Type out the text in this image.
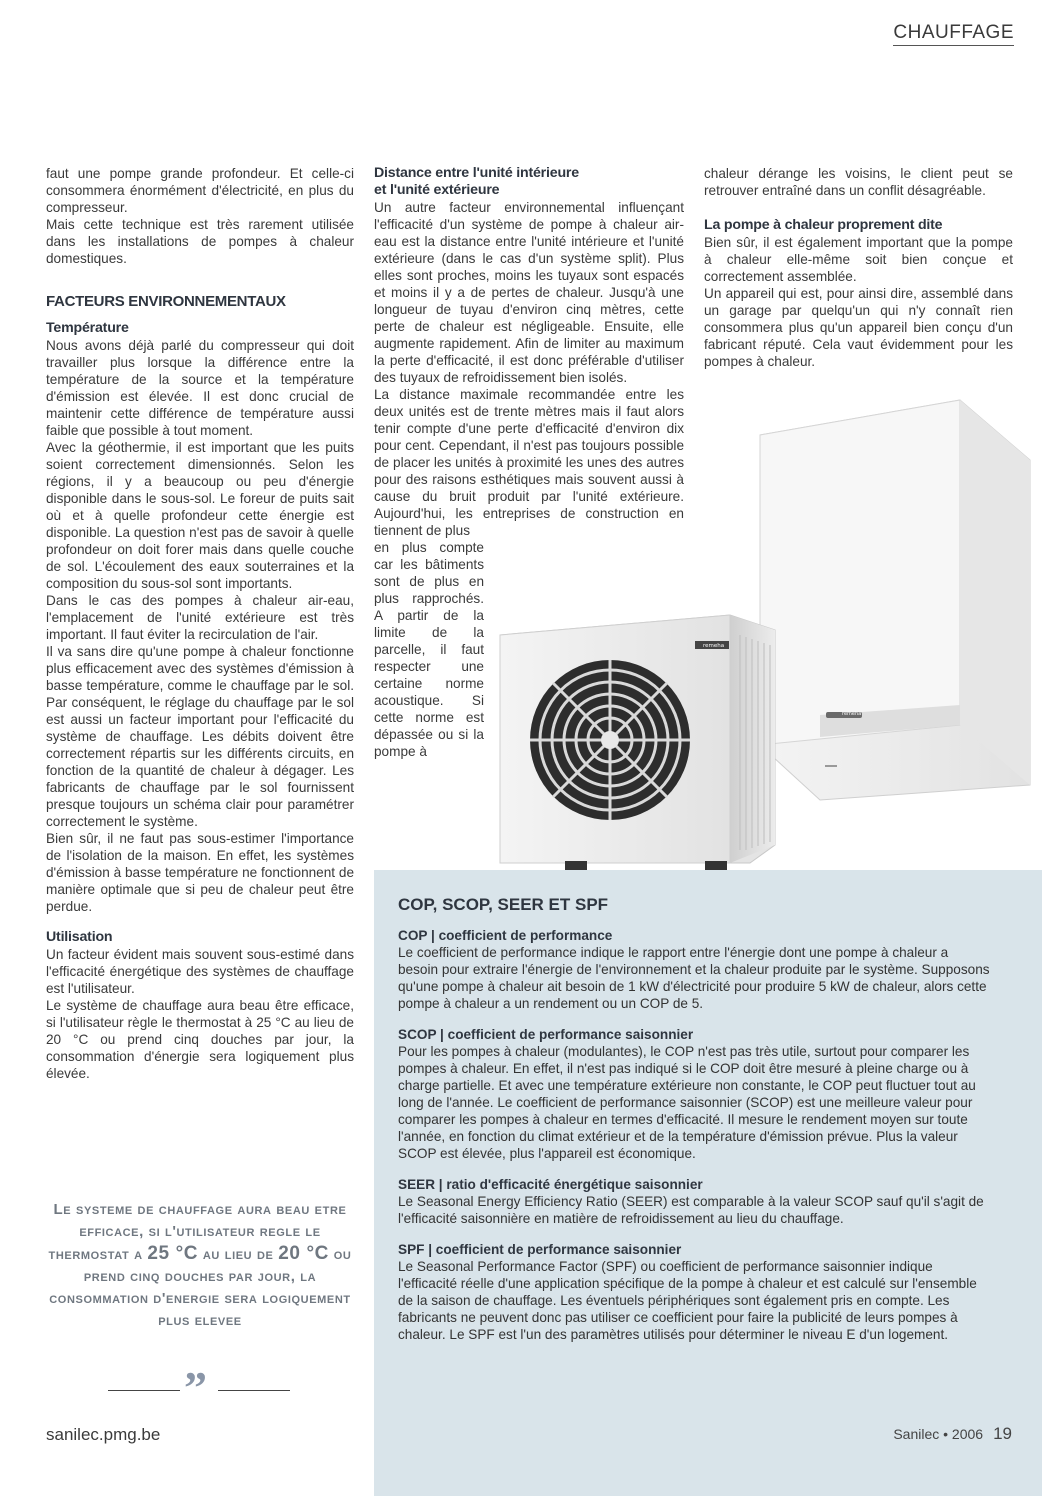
CHAUFFAGE

faut une pompe grande profondeur. Et celle-ci consommera énormément d'électricité, en plus du compresseur.

Mais cette technique est très rarement utilisée dans les installations de pompes à chaleur domestiques.

FACTEURS ENVIRONNEMENTAUX

Température

Nous avons déjà parlé du compresseur qui doit travailler plus lorsque la différence entre la température de la source et la température d'émission est élevée. Il est donc crucial de maintenir cette différence de température aussi faible que possible à tout moment.

Avec la géothermie, il est important que les puits soient correctement dimensionnés. Selon les régions, il y a beaucoup ou peu d'énergie disponible dans le sous-sol. Le foreur de puits sait où et à quelle profondeur cette énergie est disponible. La question n'est pas de savoir à quelle profondeur on doit forer mais dans quelle couche de sol. L'écoulement des eaux souterraines et la composition du sous-sol sont importants.

Dans le cas des pompes à chaleur air-eau, l'emplacement de l'unité extérieure est très important. Il faut éviter la recirculation de l'air.

Il va sans dire qu'une pompe à chaleur fonctionne plus efficacement avec des systèmes d'émission à basse température, comme le chauffage par le sol. Par conséquent, le réglage du chauffage par le sol est aussi un facteur important pour l'efficacité du système de chauffage. Les débits doivent être correctement répartis sur les différents circuits, en fonction de la quantité de chaleur à dégager. Les fabricants de chauffage par le sol fournissent presque toujours un schéma clair pour paramétrer correctement le système.

Bien sûr, il ne faut pas sous-estimer l'importance de l'isolation de la maison. En effet, les systèmes d'émission à basse température ne fonctionnent de manière optimale que si peu de chaleur peut être perdue.

Utilisation

Un facteur évident mais souvent sous-estimé dans l'efficacité énergétique des systèmes de chauffage est l'utilisateur.

Le système de chauffage aura beau être efficace, si l'utilisateur règle le thermostat à 25 °C au lieu de 20 °C ou prend cinq douches par jour, la consommation d'énergie sera logiquement plus élevée.

Le systeme de chauffage aura beau etre efficace, si l'utilisateur regle le thermostat a 25 °C au lieu de 20 °C ou prend cinq douches par jour, la consommation d'energie sera logiquement plus elevee
”

Distance entre l'unité intérieure
et l'unité extérieure

Un autre facteur environnemental influençant l'efficacité d'un système de pompe à chaleur air-eau est la distance entre l'unité intérieure et l'unité extérieure (dans le cas d'un système split). Plus elles sont proches, moins les tuyaux sont espacés et moins il y a de pertes de chaleur. Jusqu'à une longueur de tuyau d'environ cinq mètres, cette perte de chaleur est négligeable. Ensuite, elle augmente rapidement. Afin de limiter au maximum la perte d'efficacité, il est donc préférable d'utiliser des tuyaux de refroidissement bien isolés.

La distance maximale recommandée entre les deux unités est de trente mètres mais il faut alors tenir compte d'une perte d'efficacité d'environ dix pour cent. Cependant, il n'est pas toujours possible de placer les unités à proximité les unes des autres pour des raisons esthétiques mais souvent aussi à cause du bruit produit par l'unité extérieure. Aujourd'hui, les entreprises de construction en tiennent de plus

en plus compte car les bâtiments sont de plus en plus rapprochés. A partir de la limite de la parcelle, il faut respecter une certaine norme acoustique. Si cette norme est dépassée ou si la pompe à

chaleur dérange les voisins, le client peut se retrouver entraîné dans un conflit désagréable.

La pompe à chaleur proprement dite

Bien sûr, il est également important que la pompe à chaleur elle-même soit bien conçue et correctement assemblée.

Un appareil qui est, pour ainsi dire, assemblé dans un garage par quelqu'un qui n'y connaît rien consommera plus qu'un appareil bien conçu d'un fabricant réputé. Cela vaut évidemment pour les pompes à chaleur.

remeha
remeha
COP, SCOP, SEER ET SPF

COP | coefficient de performance

Le coefficient de performance indique le rapport entre l'énergie dont une pompe à chaleur a besoin pour extraire l'énergie de l'environnement et la chaleur produite par le système. Supposons qu'une pompe à chaleur ait besoin de 1 kW d'électricité pour produire 5 kW de chaleur, alors cette pompe à chaleur a un rendement ou un COP de 5.

SCOP | coefficient de performance saisonnier

Pour les pompes à chaleur (modulantes), le COP n'est pas très utile, surtout pour comparer les pompes à chaleur. En effet, il n'est pas indiqué si le COP doit être mesuré à pleine charge ou à charge partielle. Et avec une température extérieure non constante, le COP peut fluctuer tout au long de l'année. Le coefficient de performance saisonnier (SCOP) est une meilleure valeur pour comparer les pompes à chaleur en termes d'efficacité. Il mesure le rendement moyen sur toute l'année, en fonction du climat extérieur et de la température d'émission prévue. Plus la valeur SCOP est élevée, plus l'appareil est économique.

SEER | ratio d'efficacité énergétique saisonnier

Le Seasonal Energy Efficiency Ratio (SEER) est comparable à la valeur SCOP sauf qu'il s'agit de l'efficacité saisonnière en matière de refroidissement au lieu du chauffage.

SPF | coefficient de performance saisonnier

Le Seasonal Performance Factor (SPF) ou coefficient de performance saisonnier indique l'efficacité réelle d'une application spécifique de la pompe à chaleur et est calculé sur l'ensemble de la saison de chauffage. Les éventuels périphériques sont également pris en compte. Les fabricants ne peuvent donc pas utiliser ce coefficient pour faire la publicité de leurs pompes à chaleur. Le SPF est l'un des paramètres utilisés pour déterminer le niveau E d'un logement.

sanilec.pmg.be	Sanilec • 2006 19
